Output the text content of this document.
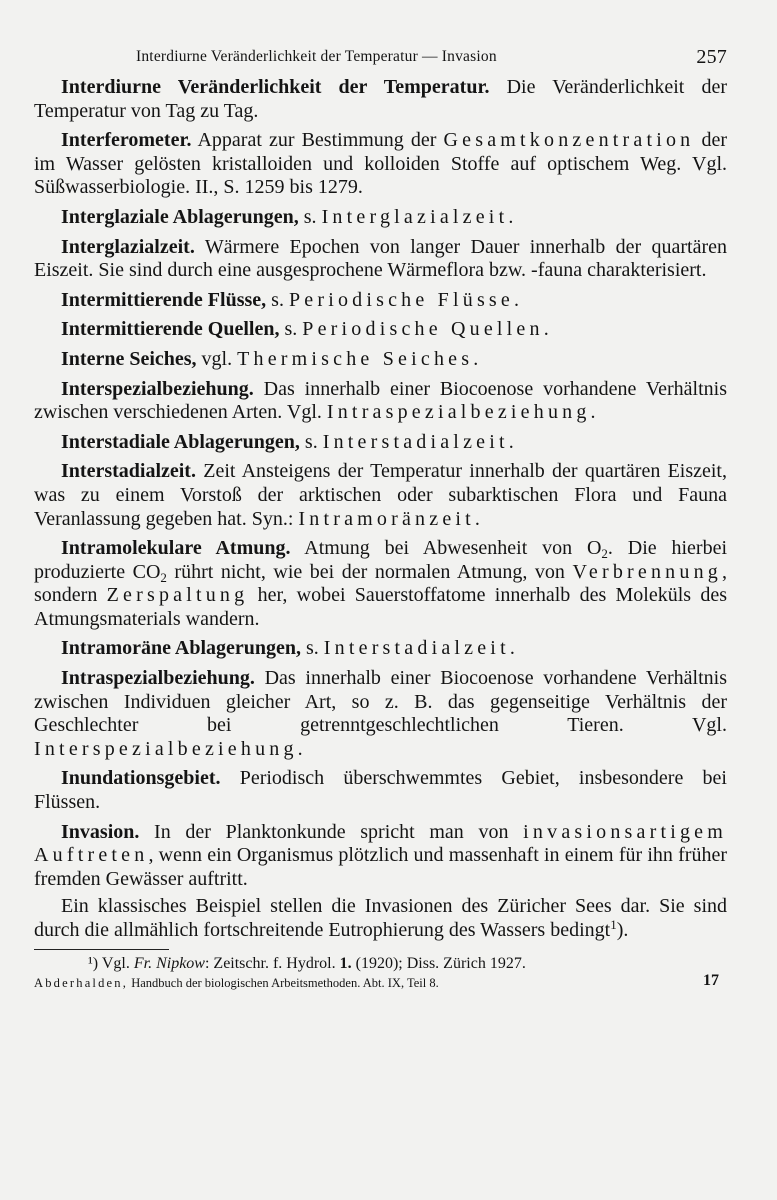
Interdiurne Veränderlichkeit der Temperatur — Invasion	257

Interdiurne Veränderlichkeit der Temperatur. Die Veränderlichkeit der Temperatur von Tag zu Tag.

Interferometer. Apparat zur Bestimmung der Gesamtkonzentration der im Wasser gelösten kristalloiden und kolloiden Stoffe auf optischem Weg. Vgl. Süßwasserbiologie. II., S. 1259 bis 1279.

Interglaziale Ablagerungen, s. Interglazialzeit.

Interglazialzeit. Wärmere Epochen von langer Dauer innerhalb der quartären Eiszeit. Sie sind durch eine ausgesprochene Wärmeflora bzw. -fauna charakterisiert.

Intermittierende Flüsse, s. Periodische Flüsse.

Intermittierende Quellen, s. Periodische Quellen.

Interne Seiches, vgl. Thermische Seiches.

Interspezialbeziehung. Das innerhalb einer Biocoenose vorhandene Verhältnis zwischen verschiedenen Arten. Vgl. Intraspezialbeziehung.

Interstadiale Ablagerungen, s. Interstadialzeit.

Interstadialzeit. Zeit Ansteigens der Temperatur innerhalb der quartären Eiszeit, was zu einem Vorstoß der arktischen oder subarktischen Flora und Fauna Veranlassung gegeben hat. Syn.: Intramoränzeit.

Intramolekulare Atmung. Atmung bei Abwesenheit von $O_2$. Die hierbei produzierte $CO_2$ rührt nicht, wie bei der normalen Atmung, von Verbrennung, sondern Zerspaltung her, wobei Sauerstoffatome innerhalb des Moleküls des Atmungsmaterials wandern.

Intramoräne Ablagerungen, s. Interstadialzeit.

Intraspezialbeziehung. Das innerhalb einer Biocoenose vorhandene Verhältnis zwischen Individuen gleicher Art, so z. B. das gegenseitige Verhältnis der Geschlechter bei getrenntgeschlechtlichen Tieren. Vgl. Interspezialbeziehung.

Inundationsgebiet. Periodisch überschwemmtes Gebiet, insbesondere bei Flüssen.

Invasion. In der Planktonkunde spricht man von invasionsartigem Auftreten, wenn ein Organismus plötzlich und massenhaft in einem für ihn früher fremden Gewässer auftritt.

Ein klassisches Beispiel stellen die Invasionen des Züricher Sees dar. Sie sind durch die allmählich fortschreitende Eutrophierung des Wassers bedingt$^1$).

¹) Vgl. Fr. Nipkow: Zeitschr. f. Hydrol. 1. (1920); Diss. Zürich 1927.
Abderhalden, Handbuch der biologischen Arbeitsmethoden. Abt. IX, Teil 8.	17
